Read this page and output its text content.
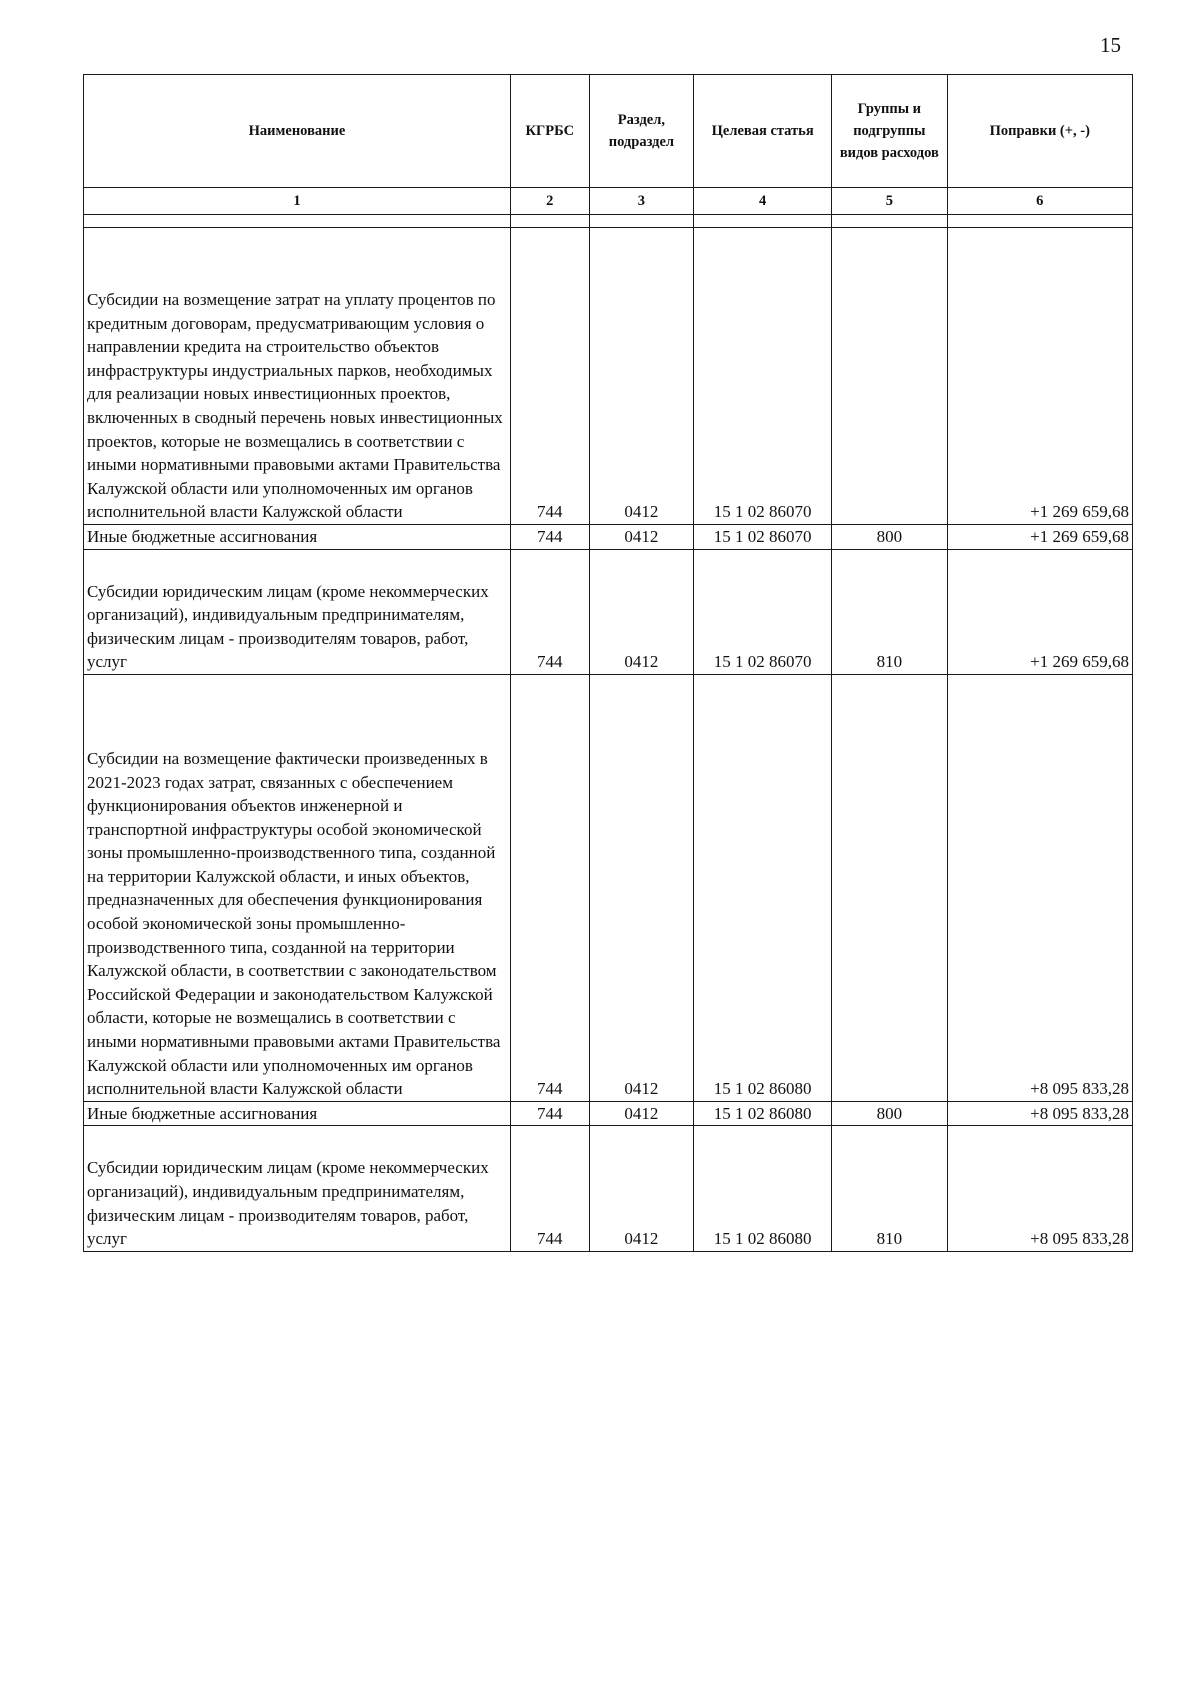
15
Наименование	КГРБС	Раздел, подраздел	Целевая статья	Группы и подгруппы видов расходов	Поправки (+, -)
1	2	3	4	5	6

Субсидии на возмещение затрат на уплату процентов по кредитным договорам, предусматривающим условия о направлении кредита на строительство объектов инфраструктуры индустриальных парков, необходимых для реализации новых инвестиционных проектов, включенных в сводный перечень новых инвестиционных проектов, которые не возмещались в соответствии с иными нормативными правовыми актами Правительства Калужской области или уполномоченных им органов исполнительной власти Калужской области	744	0412	15 1 02 86070		+1 269 659,68
Иные бюджетные ассигнования	744	0412	15 1 02 86070	800	+1 269 659,68
Субсидии юридическим лицам (кроме некоммерческих организаций), индивидуальным предпринимателям, физическим лицам - производителям товаров, работ, услуг	744	0412	15 1 02 86070	810	+1 269 659,68
Субсидии на возмещение фактически произведенных в 2021-2023 годах затрат, связанных с обеспечением функционирования объектов инженерной и транспортной инфраструктуры особой экономической зоны промышленно-производственного типа, созданной на территории Калужской области, и иных объектов, предназначенных для обеспечения функционирования особой экономической зоны промышленно-производственного типа, созданной на территории Калужской области, в соответствии с законодательством Российской Федерации и законодательством Калужской области, которые не возмещались в соответствии с иными нормативными правовыми актами Правительства Калужской области или уполномоченных им органов исполнительной власти Калужской области	744	0412	15 1 02 86080		+8 095 833,28
Иные бюджетные ассигнования	744	0412	15 1 02 86080	800	+8 095 833,28
Субсидии юридическим лицам (кроме некоммерческих организаций), индивидуальным предпринимателям, физическим лицам - производителям товаров, работ, услуг	744	0412	15 1 02 86080	810	+8 095 833,28
